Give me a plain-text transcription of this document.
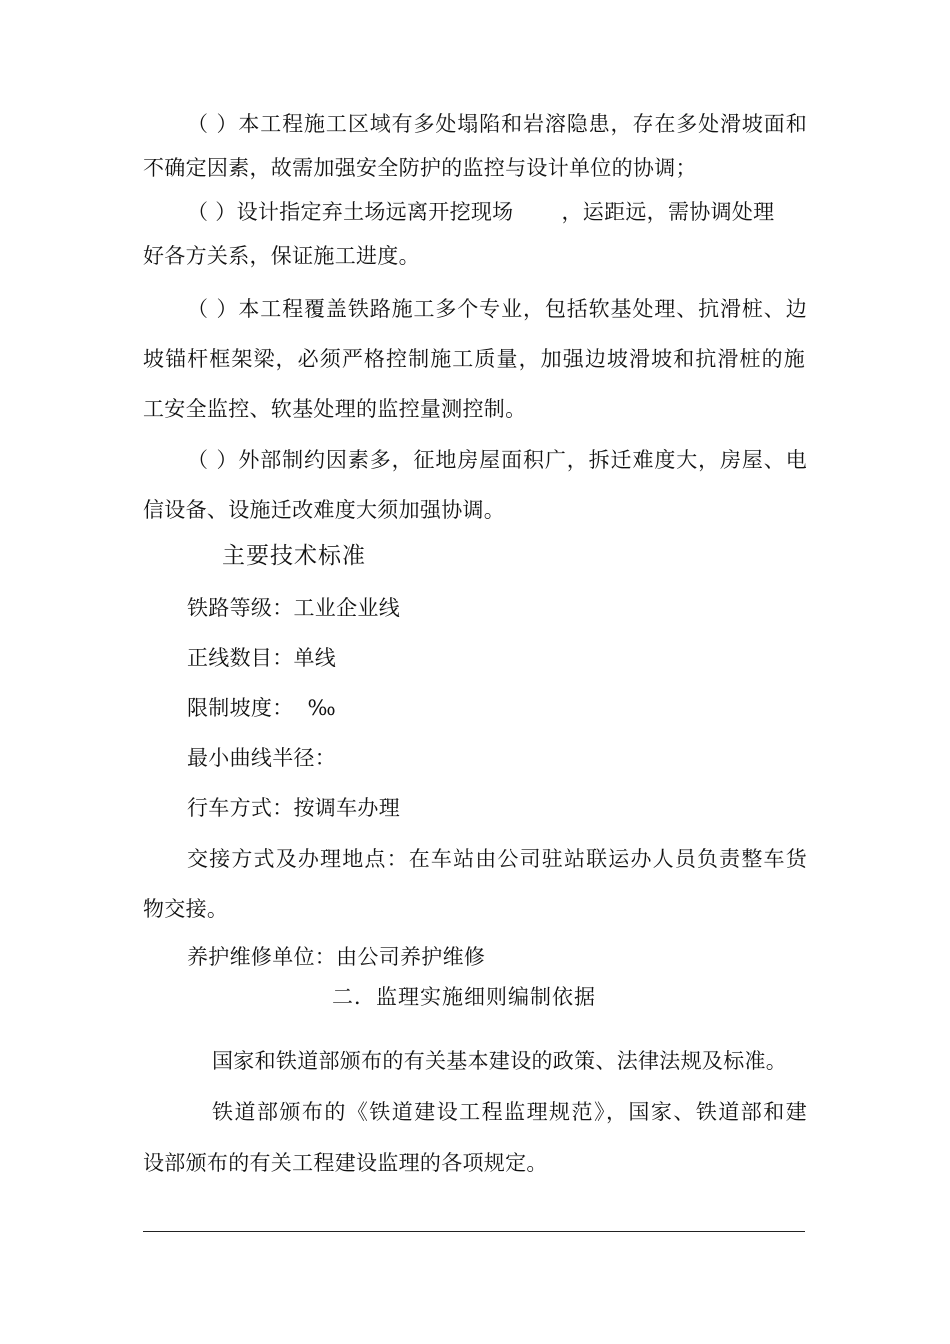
（ ）本工程施工区域有多处塌陷和岩溶隐患，存在多处滑坡面和
不确定因素，故需加强安全防护的监控与设计单位的协调；
（ ）设计指定弃土场远离开挖现场 ，运距远，需协调处理
好各方关系，保证施工进度。
（ ）本工程覆盖铁路施工多个专业，包括软基处理、抗滑桩、边
坡锚杆框架梁，必须严格控制施工质量，加强边坡滑坡和抗滑桩的施
工安全监控、软基处理的监控量测控制。
（ ）外部制约因素多，征地房屋面积广，拆迁难度大，房屋、电
信设备、设施迁改难度大须加强协调。
主要技术标准
铁路等级：工业企业线
正线数目：单线
限制坡度：  ‰
最小曲线半径：
行车方式：按调车办理
交接方式及办理地点：在车站由公司驻站联运办人员负责整车货
物交接。
养护维修单位：由公司养护维修
二．监理实施细则编制依据
国家和铁道部颁布的有关基本建设的政策、法律法规及标准。
铁道部颁布的《铁道建设工程监理规范》，国家、铁道部和建
设部颁布的有关工程建设监理的各项规定。
